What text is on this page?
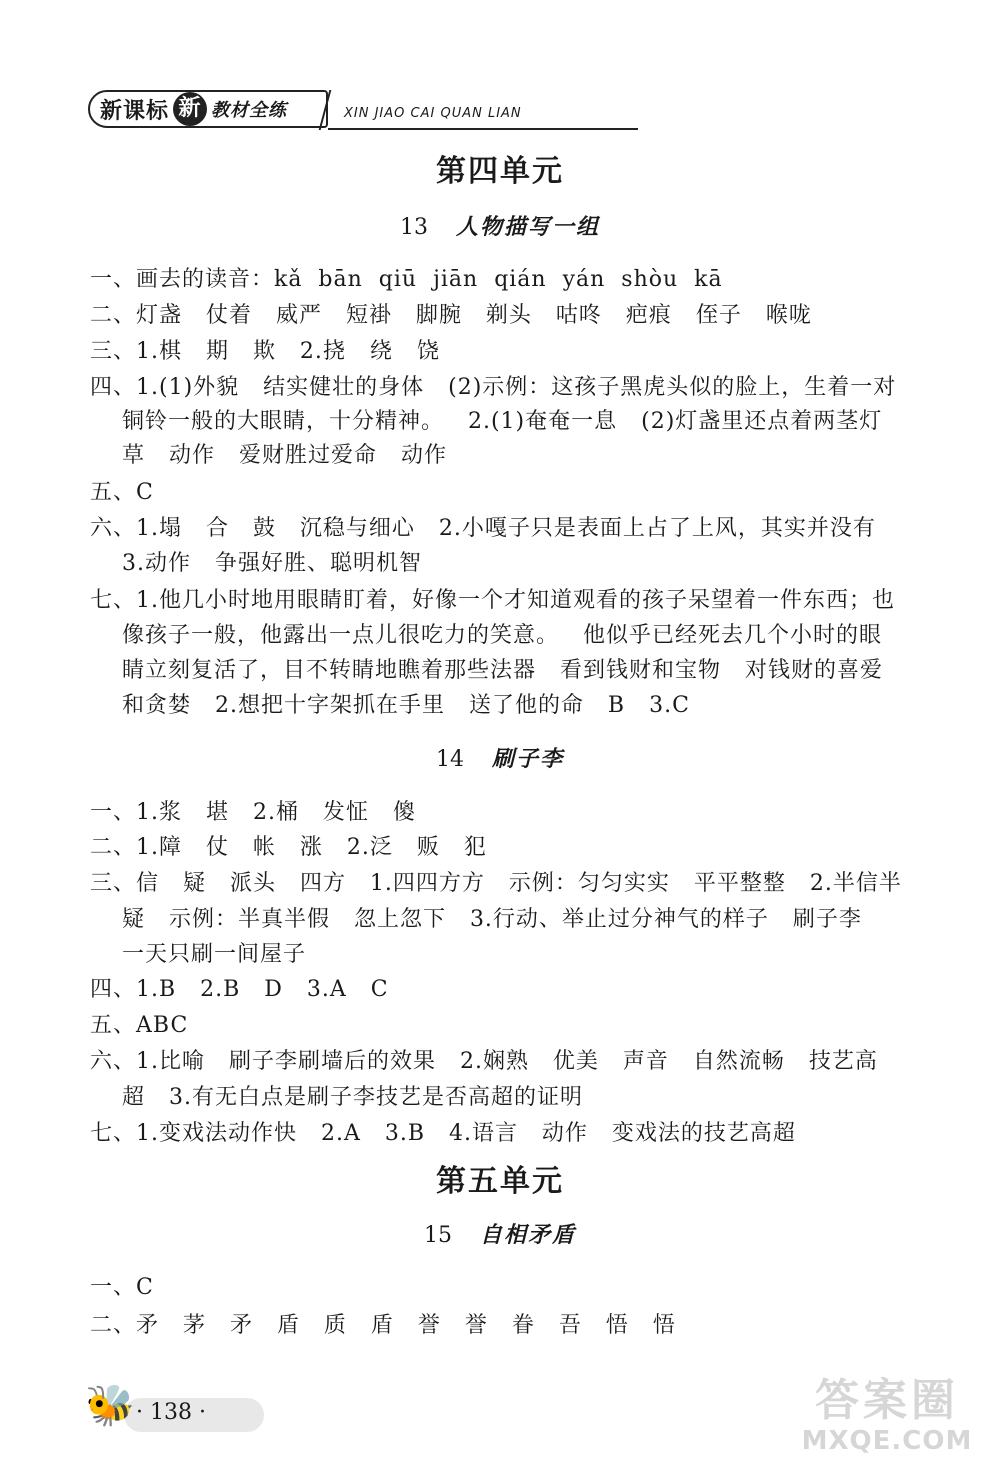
新课标 新 教材全练	XIN JIAO CAI QUAN LIAN
第四单元
13 人物描写一组
一、画去的读音：kǎ  bān  qiū  jiān  qián  yán  shòu  kā
二、灯盏   仗着   威严   短褂   脚腕   剃头   咕咚   疤痕   侄子   喉咙
三、1.棋   期   欺   2.挠   绕   饶
四、1.(1)外貌   结实健壮的身体   (2)示例：这孩子黑虎头似的脸上，生着一对
铜铃一般的大眼睛，十分精神。   2.(1)奄奄一息   (2)灯盏里还点着两茎灯
草   动作   爱财胜过爱命   动作
五、C
六、1.塌   合   鼓   沉稳与细心   2.小嘎子只是表面上占了上风，其实并没有
3.动作   争强好胜、聪明机智
七、1.他几小时地用眼睛盯着，好像一个才知道观看的孩子呆望着一件东西；也
像孩子一般，他露出一点儿很吃力的笑意。   他似乎已经死去几个小时的眼
睛立刻复活了，目不转睛地瞧着那些法器   看到钱财和宝物   对钱财的喜爱
和贪婪   2.想把十字架抓在手里   送了他的命   B   3.C
14 刷子李
一、1.浆   堪   2.桶   发怔   傻
二、1.障   仗   帐   涨   2.泛   贩   犯
三、信   疑   派头   四方   1.四四方方   示例：匀匀实实   平平整整   2.半信半
疑   示例：半真半假   忽上忽下   3.行动、举止过分神气的样子   刷子李
一天只刷一间屋子
四、1.B   2.B   D   3.A   C
五、ABC
六、1.比喻   刷子李刷墙后的效果   2.娴熟   优美   声音   自然流畅   技艺高
超   3.有无白点是刷子李技艺是否高超的证明
七、1.变戏法动作快   2.A   3.B   4.语言   动作   变戏法的技艺高超
第五单元
15 自相矛盾
一、C
二、矛   茅   矛   盾   质   盾   誉   誉   眷   吾   悟   悟
🐝 · 138 ·	答案圈
MXQE.COM
